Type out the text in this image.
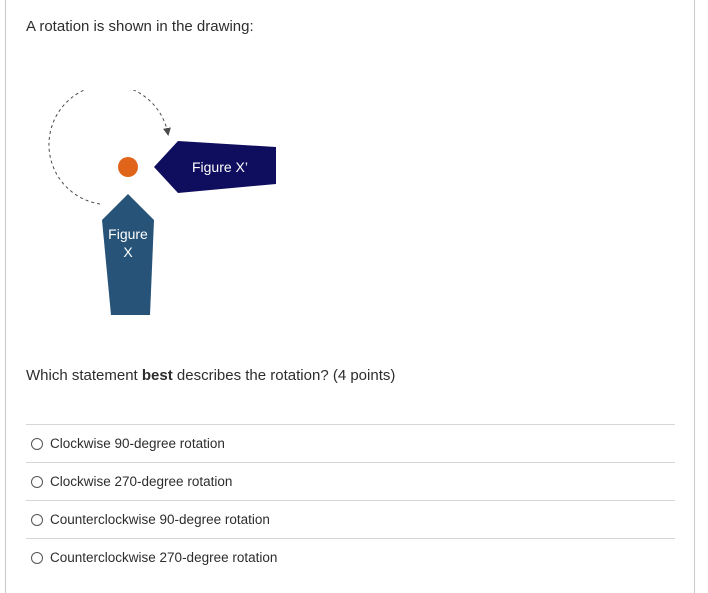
A rotation is shown in the drawing:
Figure
X
Figure X’
Which statement best describes the rotation? (4 points)
Clockwise 90-degree rotation
Clockwise 270-degree rotation
Counterclockwise 90-degree rotation
Counterclockwise 270-degree rotation
